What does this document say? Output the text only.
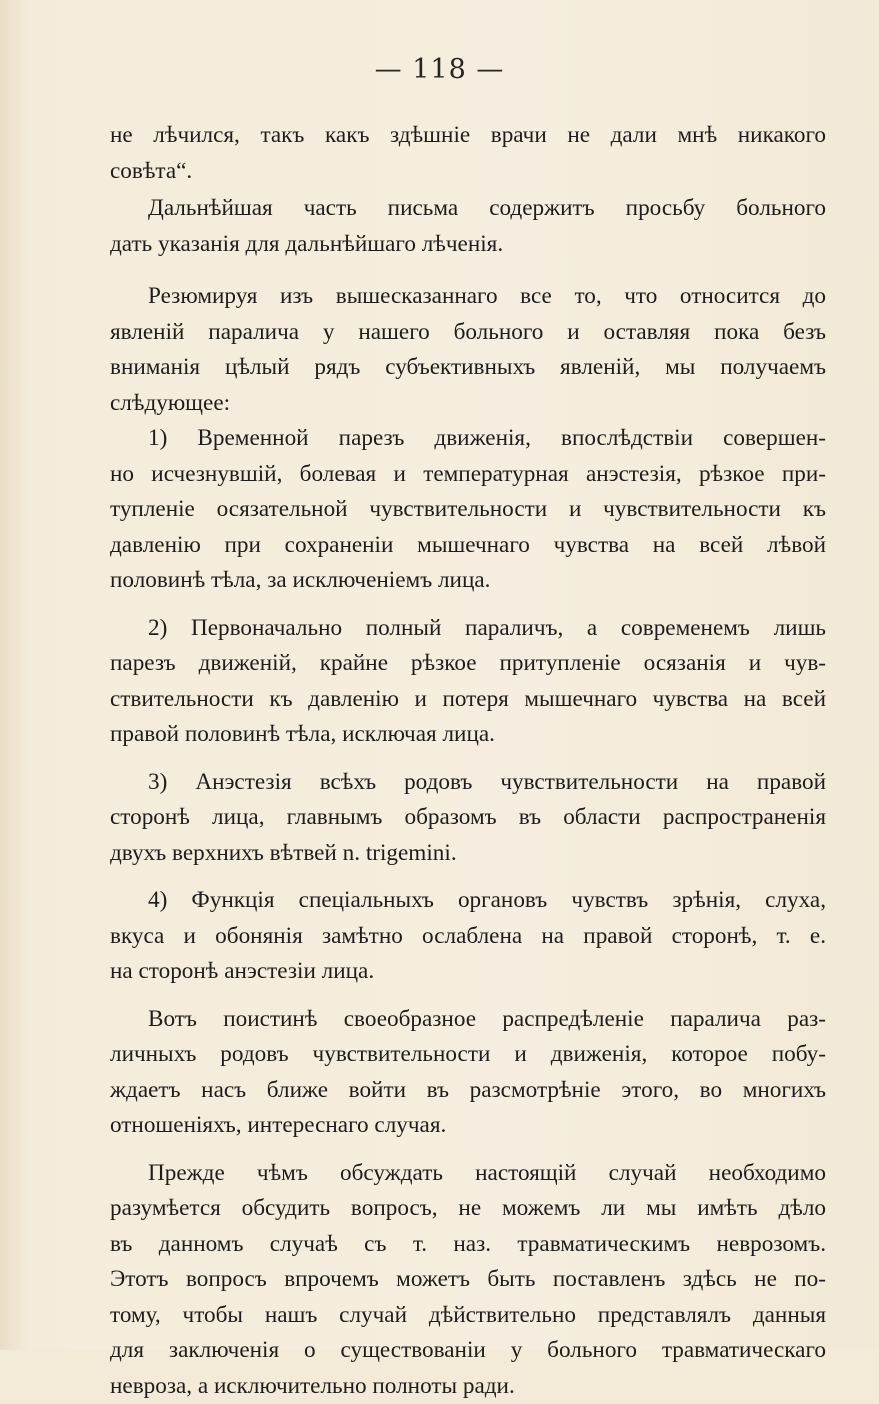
— 118 —
не лѣчился, такъ какъ здѣшніе врачи не дали мнѣ никакого
совѣта“.
Дальнѣйшая часть письма содержитъ просьбу больного
дать указанія для дальнѣйшаго лѣченія.
Резюмируя изъ вышесказаннаго все то, что относится до
явленій паралича у нашего больного и оставляя пока безъ
вниманія цѣлый рядъ субъективныхъ явленій, мы получаемъ
слѣдующее:
1) Временной парезъ движенія, впослѣдствіи совершен-
но исчезнувшій, болевая и температурная анэстезія, рѣзкое при-
тупленіе осязательной чувствительности и чувствительности къ
давленію при сохраненіи мышечнаго чувства на всей лѣвой
половинѣ тѣла, за исключеніемъ лица.
2) Первоначально полный параличъ, а современемъ лишь
парезъ движеній, крайне рѣзкое притупленіе осязанія и чув-
ствительности къ давленію и потеря мышечнаго чувства на всей
правой половинѣ тѣла, исключая лица.
3) Анэстезія всѣхъ родовъ чувствительности на правой
сторонѣ лица, главнымъ образомъ въ области распространенія
двухъ верхнихъ вѣтвей n. trigemini.
4) Функція спеціальныхъ органовъ чувствъ зрѣнія, слуха,
вкуса и обонянія замѣтно ослаблена на правой сторонѣ, т. е.
на сторонѣ анэстезіи лица.
Вотъ поистинѣ своеобразное распредѣленіе паралича раз-
личныхъ родовъ чувствительности и движенія, которое побу-
ждаетъ насъ ближе войти въ разсмотрѣніе этого, во многихъ
отношеніяхъ, интереснаго случая.
Прежде чѣмъ обсуждать настоящій случай необходимо
разумѣется обсудить вопросъ, не можемъ ли мы имѣть дѣло
въ данномъ случаѣ съ т. наз. травматическимъ неврозомъ.
Этотъ вопросъ впрочемъ можетъ быть поставленъ здѣсь не по-
тому, чтобы нашъ случай дѣйствительно представлялъ данныя
для заключенія о существованіи у больного травматическаго
невроза, а исключительно полноты ради.
